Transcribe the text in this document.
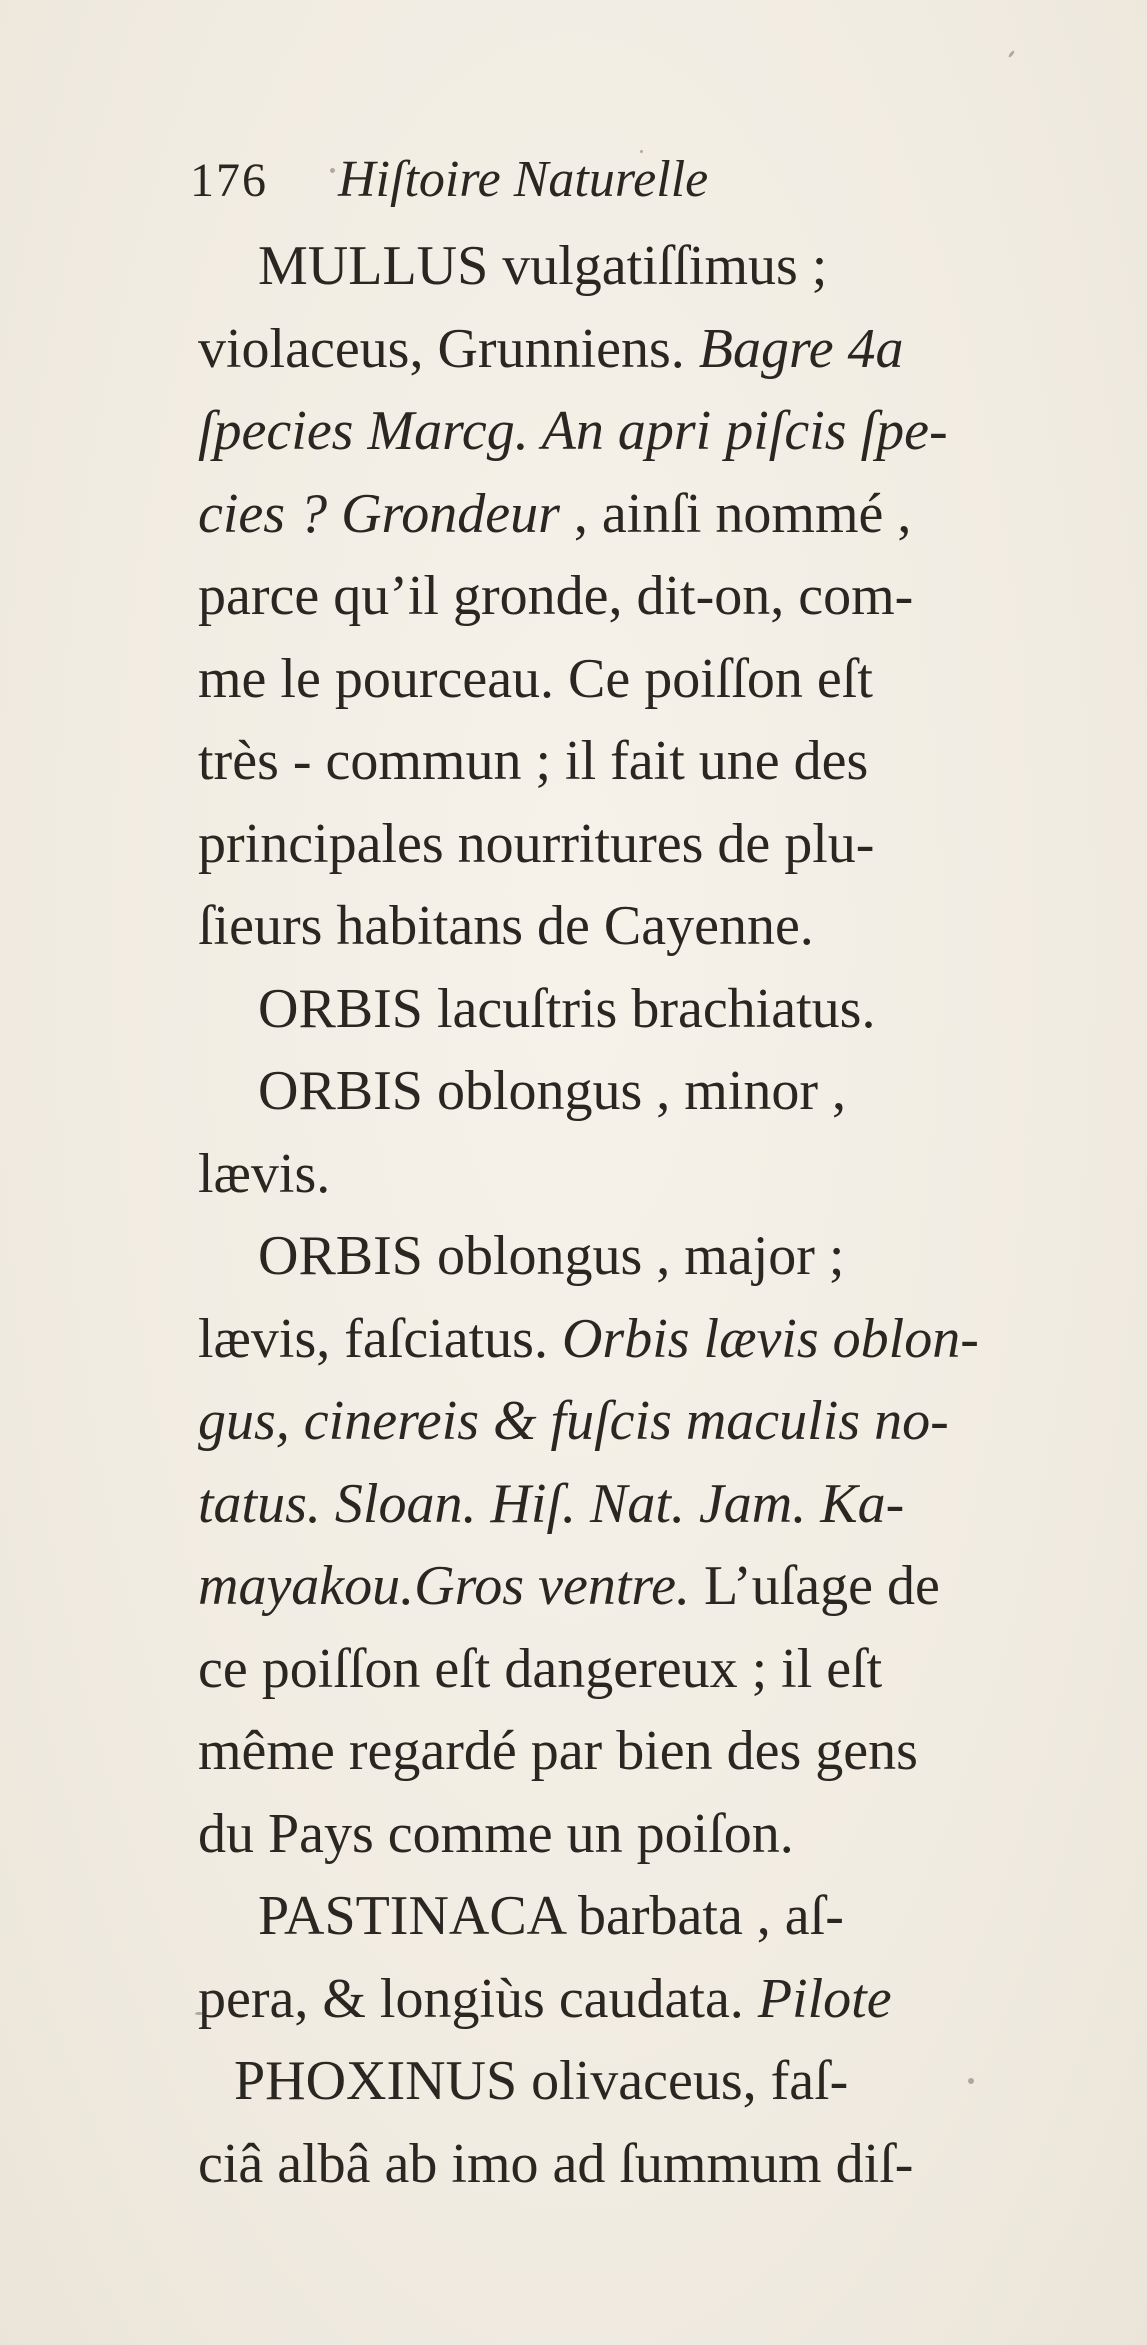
176 Hiſtoire Naturelle
MULLUS vulgatiſſimus ;
violaceus, Grunniens. Bagre 4a
ſpecies Marcg. An apri piſcis ſpe-
cies ? Grondeur , ainſi nommé ,
parce qu’il gronde, dit-on, com-
me le pourceau. Ce poiſſon eſt
très - commun ; il fait une des
principales nourritures de plu-
ſieurs habitans de Cayenne.
ORBIS lacuſtris brachiatus.
ORBIS oblongus , minor ,
lævis.
ORBIS oblongus , major ;
lævis, faſciatus. Orbis lævis oblon-
gus, cinereis & fuſcis maculis no-
tatus. Sloan. Hiſ. Nat. Jam. Ka-
mayakou.Gros ventre. L’uſage de
ce poiſſon eſt dangereux ; il eſt
même regardé par bien des gens
du Pays comme un poiſon.
PASTINACA barbata , aſ-
pera, & longiùs caudata. Pilote
PHOXINUS olivaceus, faſ-
ciâ albâ ab imo ad ſummum diſ-
